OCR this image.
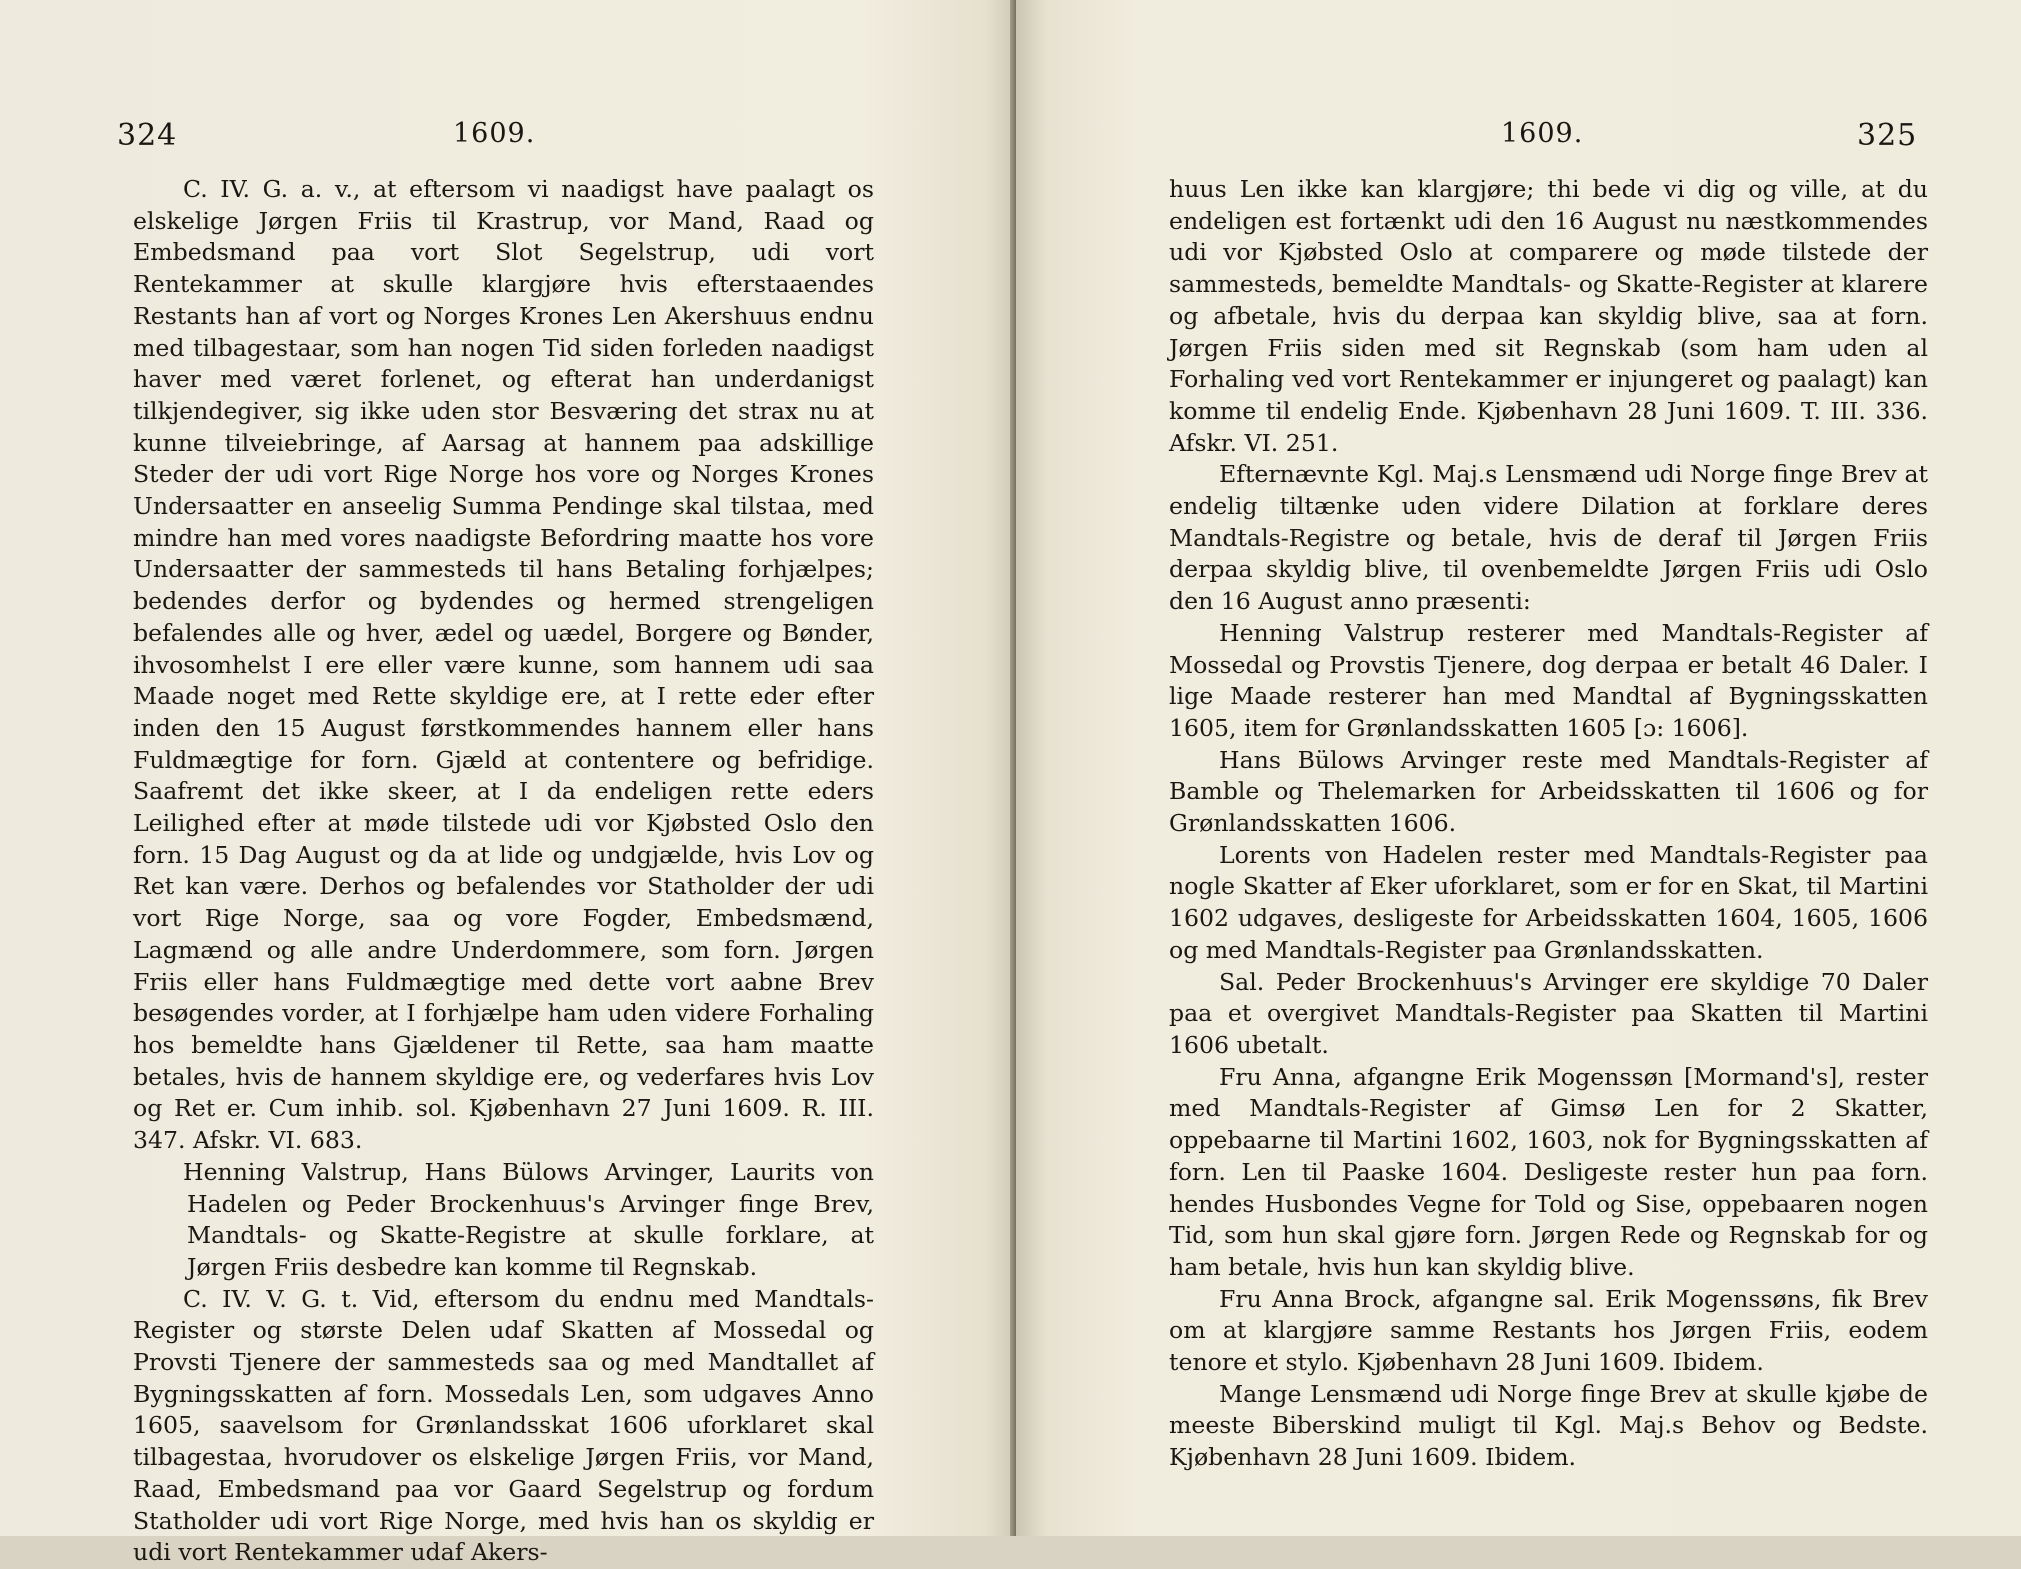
324	1609.

C. IV. G. a. v., at eftersom vi naadigst have paalagt os elskelige Jørgen Friis til Krastrup, vor Mand, Raad og Embedsmand paa vort Slot Segelstrup, udi vort Rentekammer at skulle klargjøre hvis efterstaaendes Restants han af vort og Norges Krones Len Akershuus endnu med tilbagestaar, som han nogen Tid siden forleden naadigst haver med været forlenet, og efterat han underdanigst tilkjendegiver, sig ikke uden stor Besværing det strax nu at kunne tilveiebringe, af Aarsag at hannem paa adskillige Steder der udi vort Rige Norge hos vore og Norges Krones Undersaatter en anseelig Summa Pendinge skal tilstaa, med mindre han med vores naadigste Befordring maatte hos vore Undersaatter der sammesteds til hans Betaling forhjælpes; bedendes derfor og bydendes og hermed strengeligen befalendes alle og hver, ædel og uædel, Borgere og Bønder, ihvosomhelst I ere eller være kunne, som hannem udi saa Maade noget med Rette skyldige ere, at I rette eder efter inden den 15 August førstkommendes hannem eller hans Fuldmægtige for forn. Gjæld at contentere og befridige. Saafremt det ikke skeer, at I da endeligen rette eders Leilighed efter at møde tilstede udi vor Kjøbsted Oslo den forn. 15 Dag August og da at lide og undgjælde, hvis Lov og Ret kan være. Derhos og befalendes vor Statholder der udi vort Rige Norge, saa og vore Fogder, Embedsmænd, Lagmænd og alle andre Underdommere, som forn. Jørgen Friis eller hans Fuldmægtige med dette vort aabne Brev besøgendes vorder, at I forhjælpe ham uden videre Forhaling hos bemeldte hans Gjældener til Rette, saa ham maatte betales, hvis de hannem skyldige ere, og vederfares hvis Lov og Ret er. Cum inhib. sol. Kjøbenhavn 27 Juni 1609. R. III. 347. Afskr. VI. 683.

Henning Valstrup, Hans Bülows Arvinger, Laurits von Hadelen og Peder Brockenhuus's Arvinger finge Brev, Mandtals- og Skatte-Registre at skulle forklare, at Jørgen Friis desbedre kan komme til Regnskab.

C. IV. V. G. t. Vid, eftersom du endnu med Mandtals-Register og største Delen udaf Skatten af Mossedal og Provsti Tjenere der sammesteds saa og med Mandtallet af Bygningsskatten af forn. Mossedals Len, som udgaves Anno 1605, saavelsom for Grønlandsskat 1606 uforklaret skal tilbagestaa, hvorudover os elskelige Jørgen Friis, vor Mand, Raad, Embedsmand paa vor Gaard Segelstrup og fordum Statholder udi vort Rige Norge, med hvis han os skyldig er udi vort Rentekammer udaf Akers-

1609.	325

huus Len ikke kan klargjøre; thi bede vi dig og ville, at du endeligen est fortænkt udi den 16 August nu næstkommendes udi vor Kjøbsted Oslo at comparere og møde tilstede der sammesteds, bemeldte Mandtals- og Skatte-Register at klarere og afbetale, hvis du derpaa kan skyldig blive, saa at forn. Jørgen Friis siden med sit Regnskab (som ham uden al Forhaling ved vort Rentekammer er injungeret og paalagt) kan komme til endelig Ende. Kjøbenhavn 28 Juni 1609. T. III. 336. Afskr. VI. 251.

Efternævnte Kgl. Maj.s Lensmænd udi Norge finge Brev at endelig tiltænke uden videre Dilation at forklare deres Mandtals-Registre og betale, hvis de deraf til Jørgen Friis derpaa skyldig blive, til ovenbemeldte Jørgen Friis udi Oslo den 16 August anno præsenti:

Henning Valstrup resterer med Mandtals-Register af Mossedal og Provstis Tjenere, dog derpaa er betalt 46 Daler. I lige Maade resterer han med Mandtal af Bygningsskatten 1605, item for Grønlandsskatten 1605 [ɔ: 1606].

Hans Bülows Arvinger reste med Mandtals-Register af Bamble og Thelemarken for Arbeidsskatten til 1606 og for Grønlandsskatten 1606.

Lorents von Hadelen rester med Mandtals-Register paa nogle Skatter af Eker uforklaret, som er for en Skat, til Martini 1602 udgaves, desligeste for Arbeidsskatten 1604, 1605, 1606 og med Mandtals-Register paa Grønlandsskatten.

Sal. Peder Brockenhuus's Arvinger ere skyldige 70 Daler paa et overgivet Mandtals-Register paa Skatten til Martini 1606 ubetalt.

Fru Anna, afgangne Erik Mogenssøn [Mormand's], rester med Mandtals-Register af Gimsø Len for 2 Skatter, oppebaarne til Martini 1602, 1603, nok for Bygningsskatten af forn. Len til Paaske 1604. Desligeste rester hun paa forn. hendes Husbondes Vegne for Told og Sise, oppebaaren nogen Tid, som hun skal gjøre forn. Jørgen Rede og Regnskab for og ham betale, hvis hun kan skyldig blive.

Fru Anna Brock, afgangne sal. Erik Mogenssøns, fik Brev om at klargjøre samme Restants hos Jørgen Friis, eodem tenore et stylo. Kjøbenhavn 28 Juni 1609. Ibidem.

Mange Lensmænd udi Norge finge Brev at skulle kjøbe de meeste Biberskind muligt til Kgl. Maj.s Behov og Bedste. Kjøbenhavn 28 Juni 1609. Ibidem.
